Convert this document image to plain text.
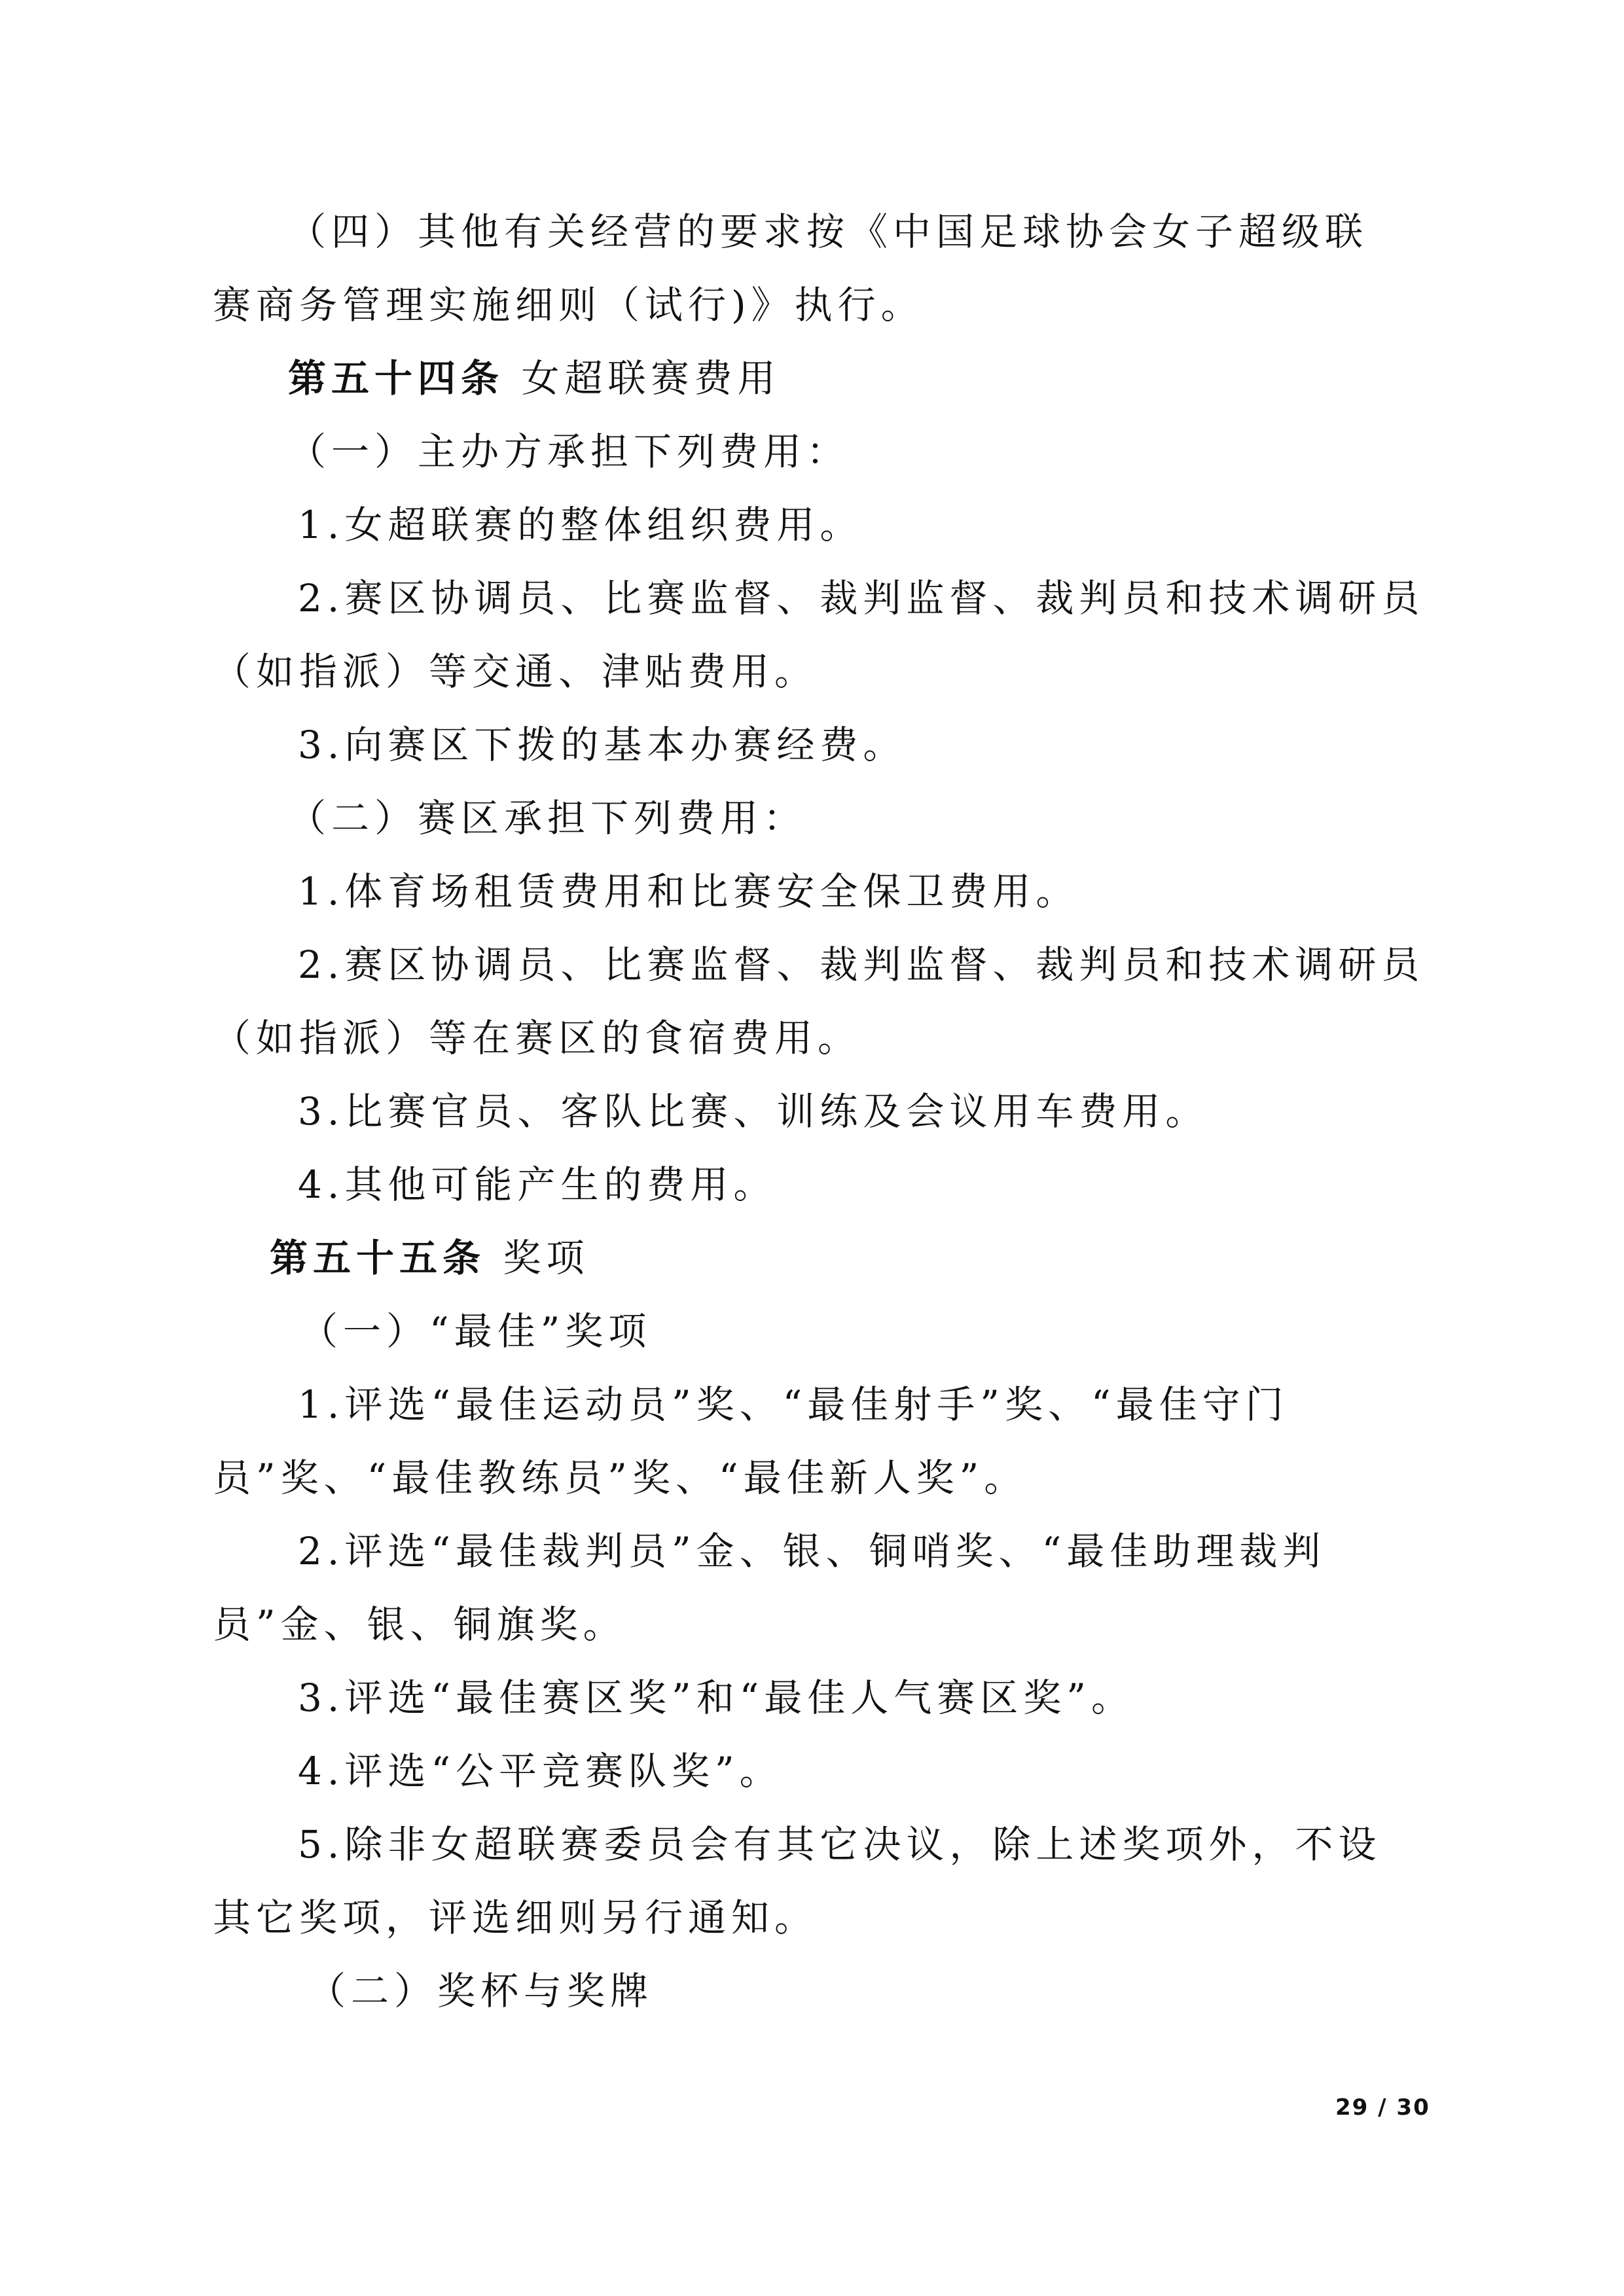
（四）其他有关经营的要求按《中国足球协会女子超级联
赛商务管理实施细则（试行)》执行。
第五十四条 女超联赛费用
（一）主办方承担下列费用：
1.女超联赛的整体组织费用。
2.赛区协调员、比赛监督、裁判监督、裁判员和技术调研员
（如指派）等交通、津贴费用。
3.向赛区下拨的基本办赛经费。
（二）赛区承担下列费用：
1.体育场租赁费用和比赛安全保卫费用。
2.赛区协调员、比赛监督、裁判监督、裁判员和技术调研员
（如指派）等在赛区的食宿费用。
3.比赛官员、客队比赛、训练及会议用车费用。
4.其他可能产生的费用。
第五十五条 奖项
（一）“最佳”奖项
1.评选“最佳运动员”奖、“最佳射手”奖、“最佳守门
员”奖、“最佳教练员”奖、“最佳新人奖”。
2.评选“最佳裁判员”金、银、铜哨奖、“最佳助理裁判
员”金、银、铜旗奖。
3.评选“最佳赛区奖”和“最佳人气赛区奖”。
4.评选“公平竞赛队奖”。
5.除非女超联赛委员会有其它决议，除上述奖项外，不设
其它奖项，评选细则另行通知。
（二）奖杯与奖牌
29 / 30
